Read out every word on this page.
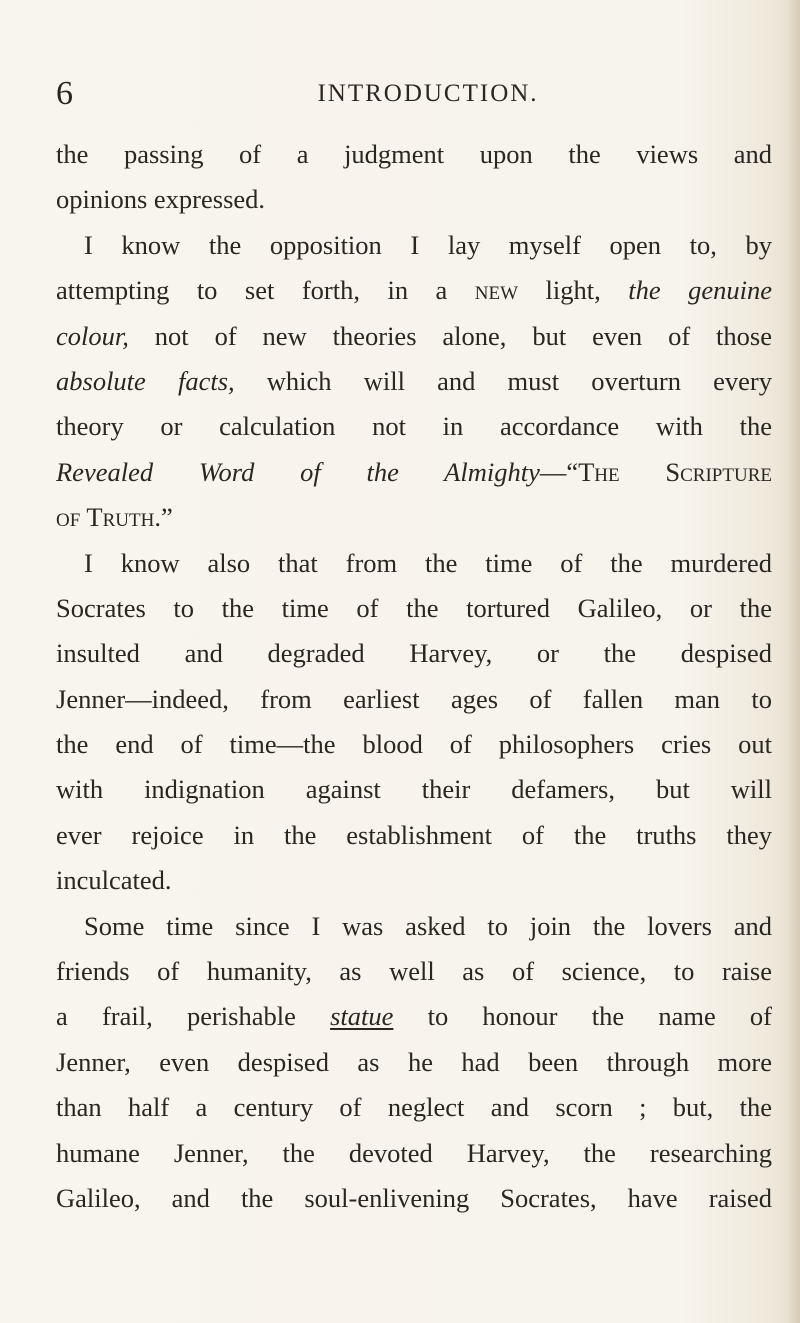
6	INTRODUCTION.
the passing of a judgment upon the views and
opinions expressed.
I know the opposition I lay myself open to, by
attempting to set forth, in a new light, the genuine
colour, not of new theories alone, but even of those
absolute facts, which will and must overturn every
theory or calculation not in accordance with the
Revealed Word of the Almighty—“The Scripture
of Truth.”
I know also that from the time of the murdered
Socrates to the time of the tortured Galileo, or the
insulted and degraded Harvey, or the despised
Jenner—indeed, from earliest ages of fallen man to
the end of time—the blood of philosophers cries out
with indignation against their defamers, but will
ever rejoice in the establishment of the truths they
inculcated.
Some time since I was asked to join the lovers and
friends of humanity, as well as of science, to raise
a frail, perishable statue to honour the name of
Jenner, even despised as he had been through more
than half a century of neglect and scorn ; but, the
humane Jenner, the devoted Harvey, the researching
Galileo, and the soul-enlivening Socrates, have raised
